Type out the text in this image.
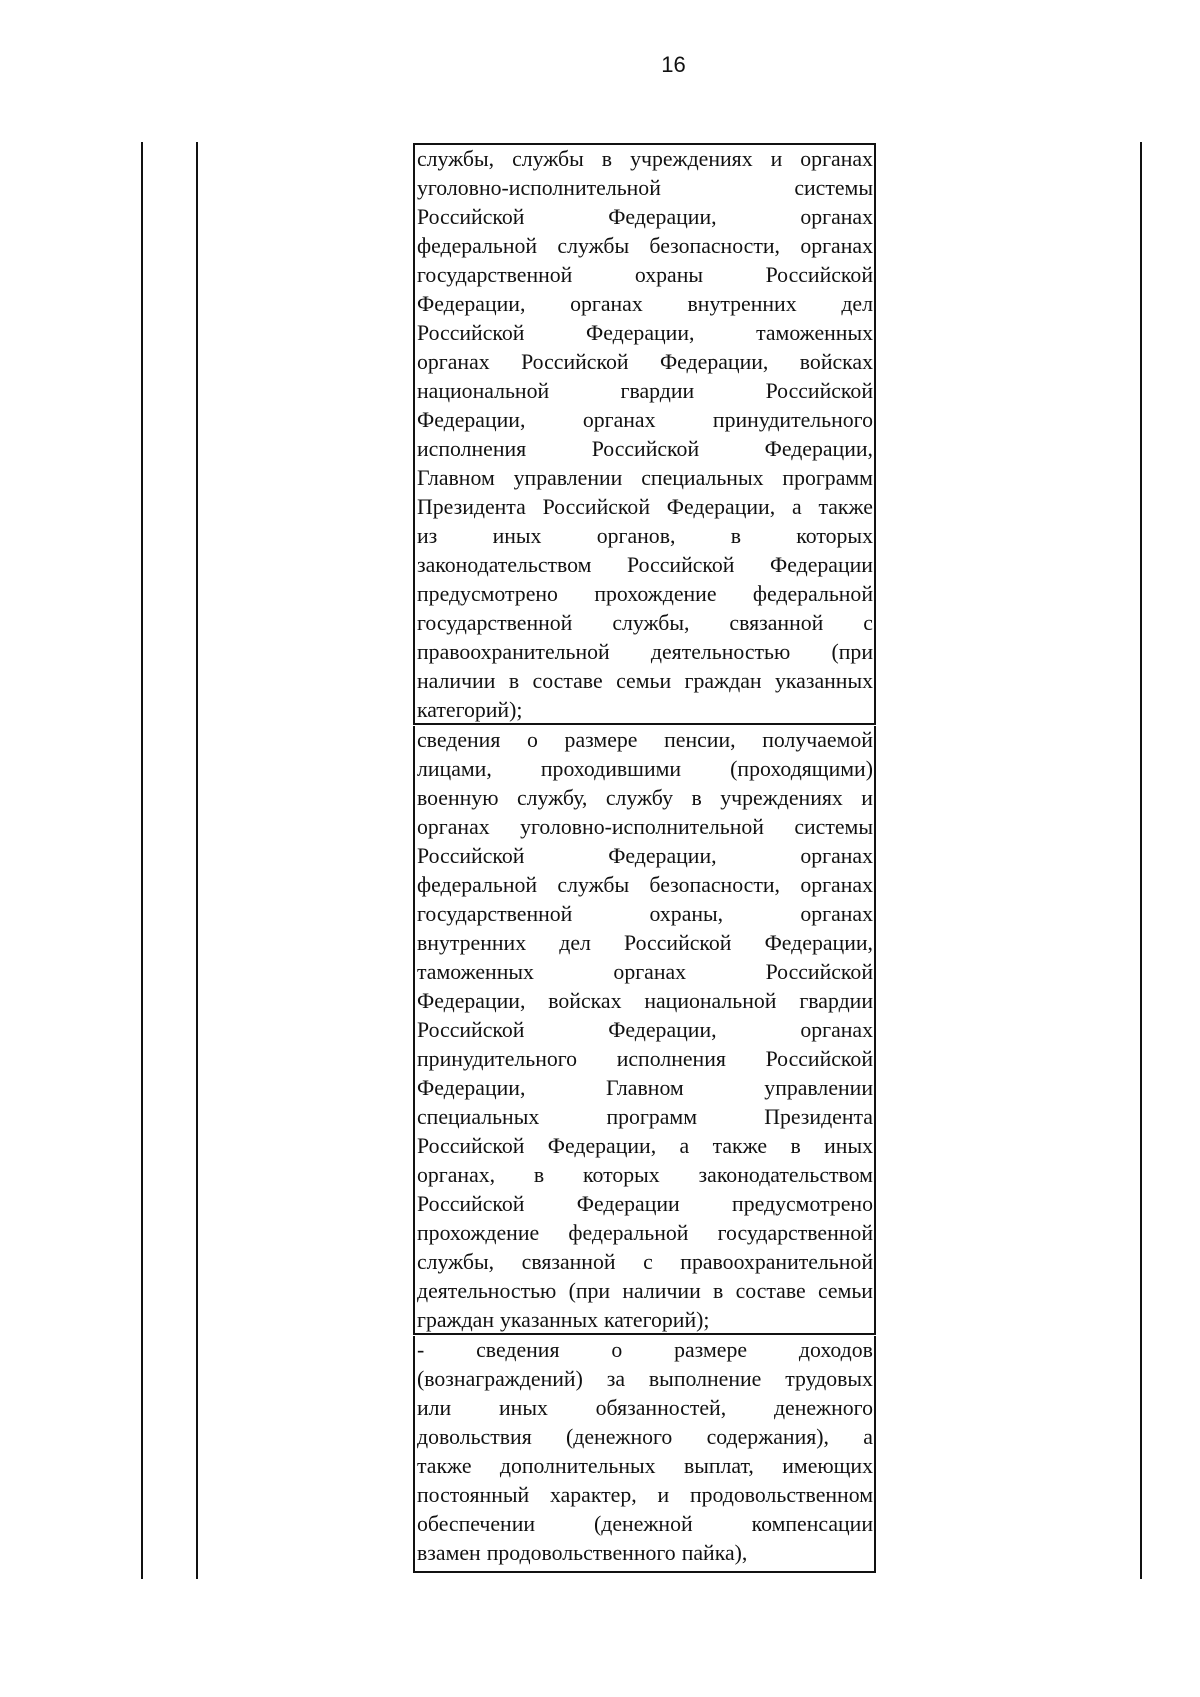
16
службы, службы в учреждениях и органах
уголовно-исполнительной	системы
Российской	Федерации,	органах
федеральной службы безопасности, органах
государственной	охраны	Российской
Федерации, органах внутренних дел
Российской	Федерации,	таможенных
органах Российской Федерации, войсках
национальной	гвардии	Российской
Федерации,	органах	принудительного
исполнения	Российской	Федерации,
Главном управлении специальных программ
Президента Российской Федерации, а также
из	иных	органов,	в	которых
законодательством Российской Федерации
предусмотрено прохождение федеральной
государственной службы, связанной с
правоохранительной деятельностью (при
наличии в составе семьи граждан указанных
категорий);
сведения о размере пенсии, получаемой
лицами, проходившими (проходящими)
военную службу, службу в учреждениях и
органах уголовно-исполнительной системы
Российской	Федерации,	органах
федеральной службы безопасности, органах
государственной	охраны,	органах
внутренних дел Российской Федерации,
таможенных	органах	Российской
Федерации, войсках национальной гвардии
Российской	Федерации,	органах
принудительного исполнения Российской
Федерации,	Главном	управлении
специальных	программ	Президента
Российской Федерации, а также в иных
органах, в которых законодательством
Российской Федерации предусмотрено
прохождение федеральной государственной
службы, связанной с правоохранительной
деятельностью (при наличии в составе семьи
граждан указанных категорий);
- сведения о размере доходов
(вознаграждений) за выполнение трудовых
или иных обязанностей, денежного
довольствия (денежного содержания), а
также дополнительных выплат, имеющих
постоянный характер, и продовольственном
обеспечении	(денежной	компенсации
взамен продовольственного пайка),
